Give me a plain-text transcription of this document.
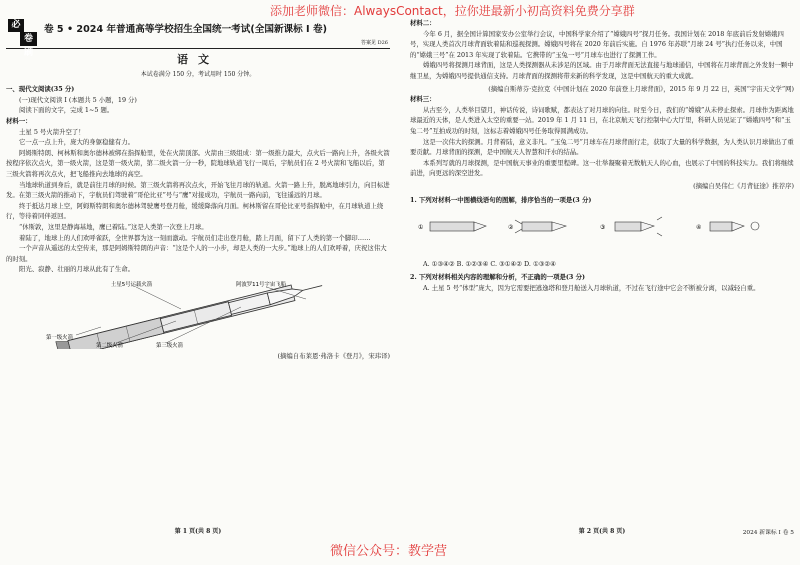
添加老师微信：AlwaysContact，拉你进最新小初高资料免费分享群
必
卷刷
卷 5 • 2024 年普通高等学校招生全国统一考试(全国新课标 I 卷)
答案见 D26
语文
本试卷满分 150 分，考试用时 150 分钟。

一、现代文阅读(35 分)

(一)现代文阅读 I (本题共 5 小题，19 分)

阅读下面的文字，完成 1~5 题。

材料一：

土星 5 号火箭升空了！

它一点一点上升，庞大的身躯稳健有力。

阿姆斯特朗、柯林斯和奥尔德林被绑在指挥舱里，处在火箭顶部。火箭由三级组成：第一级推力最大，点火后一路向上升，各级火箭按程序依次点火，第一级火箭，这是第一级火箭，第二级火箭一分一秒，院地球轨道飞行一周后，宇航员们在 2 号火箭和飞船以后，第三级火箭将再次点火，把飞船推向去地球的高空。

当地球轨道到身后，就是前往月球的时候。第三级火箭将再次点火，开始飞往月球的轨道。火箭一路上升，脱离地球引力，向目标进发。在第三级火箭的推动下，宇航员们驾驶着“哥伦比亚”号与“鹰”对接成功，宇航员一路向前，飞往遥远的月球。

终于抵达月球上空，阿姆斯特朗和奥尔德林驾驶鹰号登月舱，缓缓降落向月面。柯林斯留在哥伦比亚号指挥舱中，在月球轨道上绕行，等待着同伴返回。

“休斯敦，这里是静海基地，鹰已着陆。”这是人类第一次登上月球。

着陆了，地球上的人们欢呼雀跃，全世界都为这一刻而激动。宇航员们走出登月舱，踏上月面，留下了人类的第一个脚印……

一个声音从遥远的太空传来，那是阿姆斯特朗的声音：“这是个人的一小步，却是人类的一大步。”地球上的人们欢呼着，庆祝这伟大的时刻。

阳光、寂静、壮丽的月球从此有了生命。

土星5号运载火箭	阿波罗11号宇宙飞船
第一级火箭
第二级火箭	第三级火箭

(摘编自布莱恩·弗洛卡《登月》，宋玮译)

第 1 页(共 8 页)

材料二：

今年 6 月，据全国计算国家安办公室举行会议，中国科学家介绍了“嫦娥四号”探月任务。我国计划在 2018 年底前后发射嫦娥四号，实现人类首次月球背面软着陆和巡视探测。嫦娥四号将在 2020 年前后实施。自 1976 年苏联“月球 24 号”执行任务以来，中国的“嫦娥三号”在 2013 年实现了软着陆。它携带的“玉兔一号”月球车也进行了探测工作。

嫦娥四号将探测月球背面，这是人类探测器从未涉足的区域。由于月球背面无法直接与地球通信，中国将在月球背面之外发射一颗中继卫星，为嫦娥四号提供通信支持。月球背面的探测将带来新的科学发现，这是中国航天的重大成就。

(摘编自斯蒂芬·克拉克《中国计划在 2020 年前登上月球背面》，2015 年 9 月 22 日，英国“宇宙天文学”网)

材料三：

从古至今，人类举目望月，神话传说，诗词歌赋，都表达了对月球的向往。时至今日，我们的“嫦娥”从未停止探索。月球作为距离地球最近的天体，是人类进入太空的重要一站。2019 年 1 月 11 日，在北京航天飞行控制中心大厅里，科研人员见证了“嫦娥四号”和“玉兔二号”互拍成功的时刻，这标志着嫦娥四号任务取得圆满成功。

这是一次伟大的探测。月背着陆，意义非凡。“玉兔二号”月球车在月球背面行走，获取了大量的科学数据，为人类认识月球做出了重要贡献。月球背面的探测，是中国航天人智慧和汗水的结晶。

本系列写就的月球探测，是中国航天事业的重要里程碑。这一壮举凝聚着无数航天人的心血，也展示了中国的科技实力。我们将继续前进，向更远的深空进发。

(摘编自吴伟仁《月背征途》推荐序)

1. 下列对材料一中图横线语句的图解，排序恰当的一项是(3 分)

①	②	③	④

A. ①③④② B. ①②③④ C. ③①④② D. ①③②④

2. 下列对材料相关内容的理解和分析，不正确的一项是(3 分)

A. 土星 5 号“体型”庞大，因为它需要把逃逸塔和登月舱送入月球轨道，不过在飞行途中它会不断被分离，以减轻自重。

第 2 页(共 8 页)	2024 新课标 I 卷 5
微信公众号：教学营
